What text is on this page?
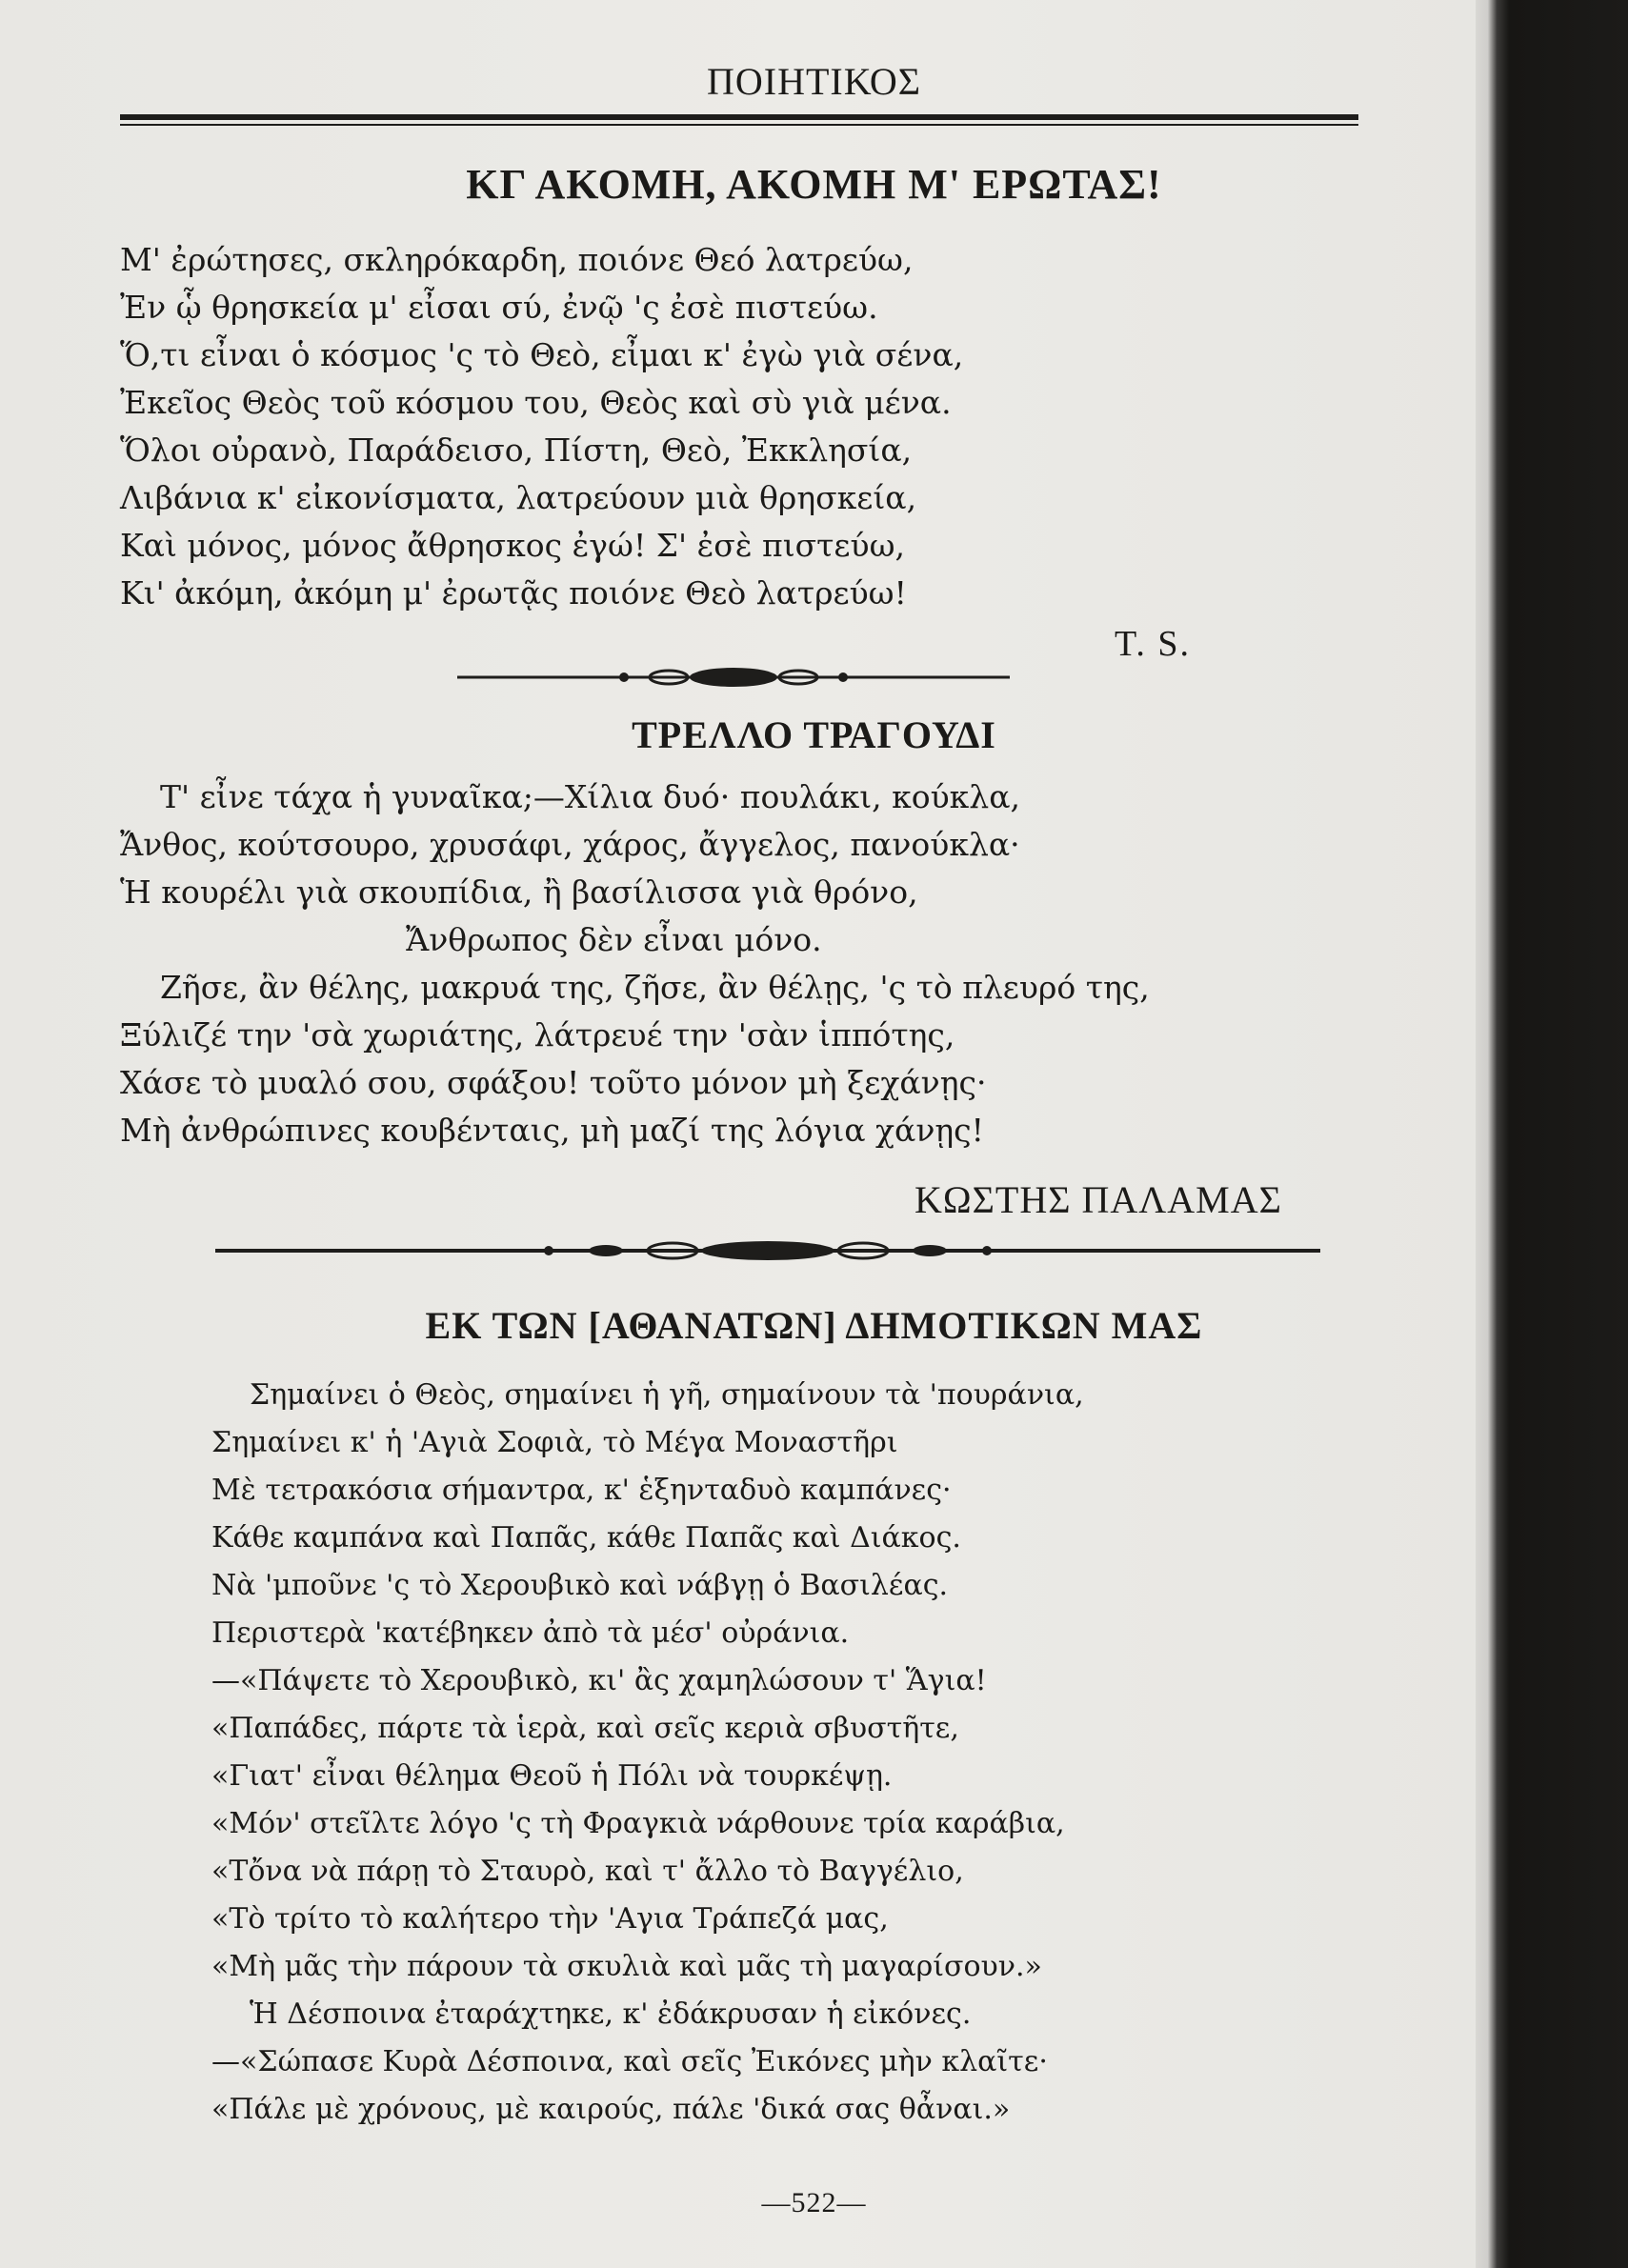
ΠΟΙΗΤΙΚΟΣ
ΚΓ ΑΚΟΜΗ, ΑΚΟΜΗ Μ' ΕΡΩΤΑΣ!
Μ' ἐρώτησες, σκληρόκαρδη, ποιόνε Θεό λατρεύω,
Ἐν ᾧ θρησκεία μ' εἶσαι σύ, ἐνῷ 'ς ἐσὲ πιστεύω.
Ὅ,τι εἶναι ὁ κόσμος 'ς τὸ Θεὸ, εἶμαι κ' ἐγὼ γιὰ σένα,
Ἐκεῖος Θεὸς τοῦ κόσμου του, Θεὸς καὶ σὺ γιὰ μένα.
Ὅλοι οὐρανὸ, Παράδεισο, Πίστη, Θεὸ, Ἐκκλησία,
Λιβάνια κ' εἰκονίσματα, λατρεύουν μιὰ θρησκεία,
Καὶ μόνος, μόνος ἄθρησκος ἐγώ! Σ' ἐσὲ πιστεύω,
Κι' ἀκόμη, ἀκόμη μ' ἐρωτᾷς ποιόνε Θεὸ λατρεύω!
T. S.
ΤΡΕΛΛΟ ΤΡΑΓΟΥΔΙ
Τ' εἶνε τάχα ἡ γυναῖκα;—Χίλια δυό· πουλάκι, κούκλα,
Ἄνθος, κούτσουρο, χρυσάφι, χάρος, ἄγγελος, πανούκλα·
Ἡ κουρέλι γιὰ σκουπίδια, ἢ βασίλισσα γιὰ θρόνο,
Ἄνθρωπος δὲν εἶναι μόνο.
Ζῆσε, ἂν θέλης, μακρυά της, ζῆσε, ἂν θέλῃς, 'ς τὸ πλευρό της,
Ξύλιζέ την 'σὰ χωριάτης, λάτρευέ την 'σὰν ἱππότης,
Χάσε τὸ μυαλό σου, σφάξου! τοῦτο μόνον μὴ ξεχάνῃς·
Μὴ ἀνθρώπινες κουβένταις, μὴ μαζί της λόγια χάνῃς!
ΚΩΣΤΗΣ ΠΑΛΑΜΑΣ
ΕΚ ΤΩΝ [ΑΘΑΝΑΤΩΝ] ΔΗΜΟΤΙΚΩΝ ΜΑΣ
Σημαίνει ὁ Θεὸς, σημαίνει ἡ γῆ, σημαίνουν τὰ 'πουράνια,
Σημαίνει κ' ἡ 'Αγιὰ Σοφιὰ, τὸ Μέγα Μοναστῆρι
Μὲ τετρακόσια σήμαντρα, κ' ἑξηνταδυὸ καμπάνες·
Κάθε καμπάνα καὶ Παπᾶς, κάθε Παπᾶς καὶ Διάκος.
Νὰ 'μποῦνε 'ς τὸ Χερουβικὸ καὶ νάβγῃ ὁ Βασιλέας.
Περιστερὰ 'κατέβηκεν ἀπὸ τὰ μέσ' οὐράνια.
—«Πάψετε τὸ Χερουβικὸ, κι' ἂς χαμηλώσουν τ' Ἅγια!
«Παπάδες, πάρτε τὰ ἱερὰ, καὶ σεῖς κεριὰ σβυστῆτε,
«Γιατ' εἶναι θέλημα Θεοῦ ἡ Πόλι νὰ τουρκέψῃ.
«Μόν' στεῖλτε λόγο 'ς τὴ Φραγκιὰ νάρθουνε τρία καράβια,
«Τὄνα νὰ πάρῃ τὸ Σταυρὸ, καὶ τ' ἄλλο τὸ Βαγγέλιο,
«Τὸ τρίτο τὸ καλήτερο τὴν 'Αγια Τράπεζά μας,
«Μὴ μᾶς τὴν πάρουν τὰ σκυλιὰ καὶ μᾶς τὴ μαγαρίσουν.»
Ἡ Δέσποινα ἐταράχτηκε, κ' ἐδάκρυσαν ἡ εἰκόνες.
—«Σώπασε Κυρὰ Δέσποινα, καὶ σεῖς Ἐικόνες μὴν κλαῖτε·
«Πάλε μὲ χρόνους, μὲ καιρούς, πάλε 'δικά σας θἆναι.»
—522—
